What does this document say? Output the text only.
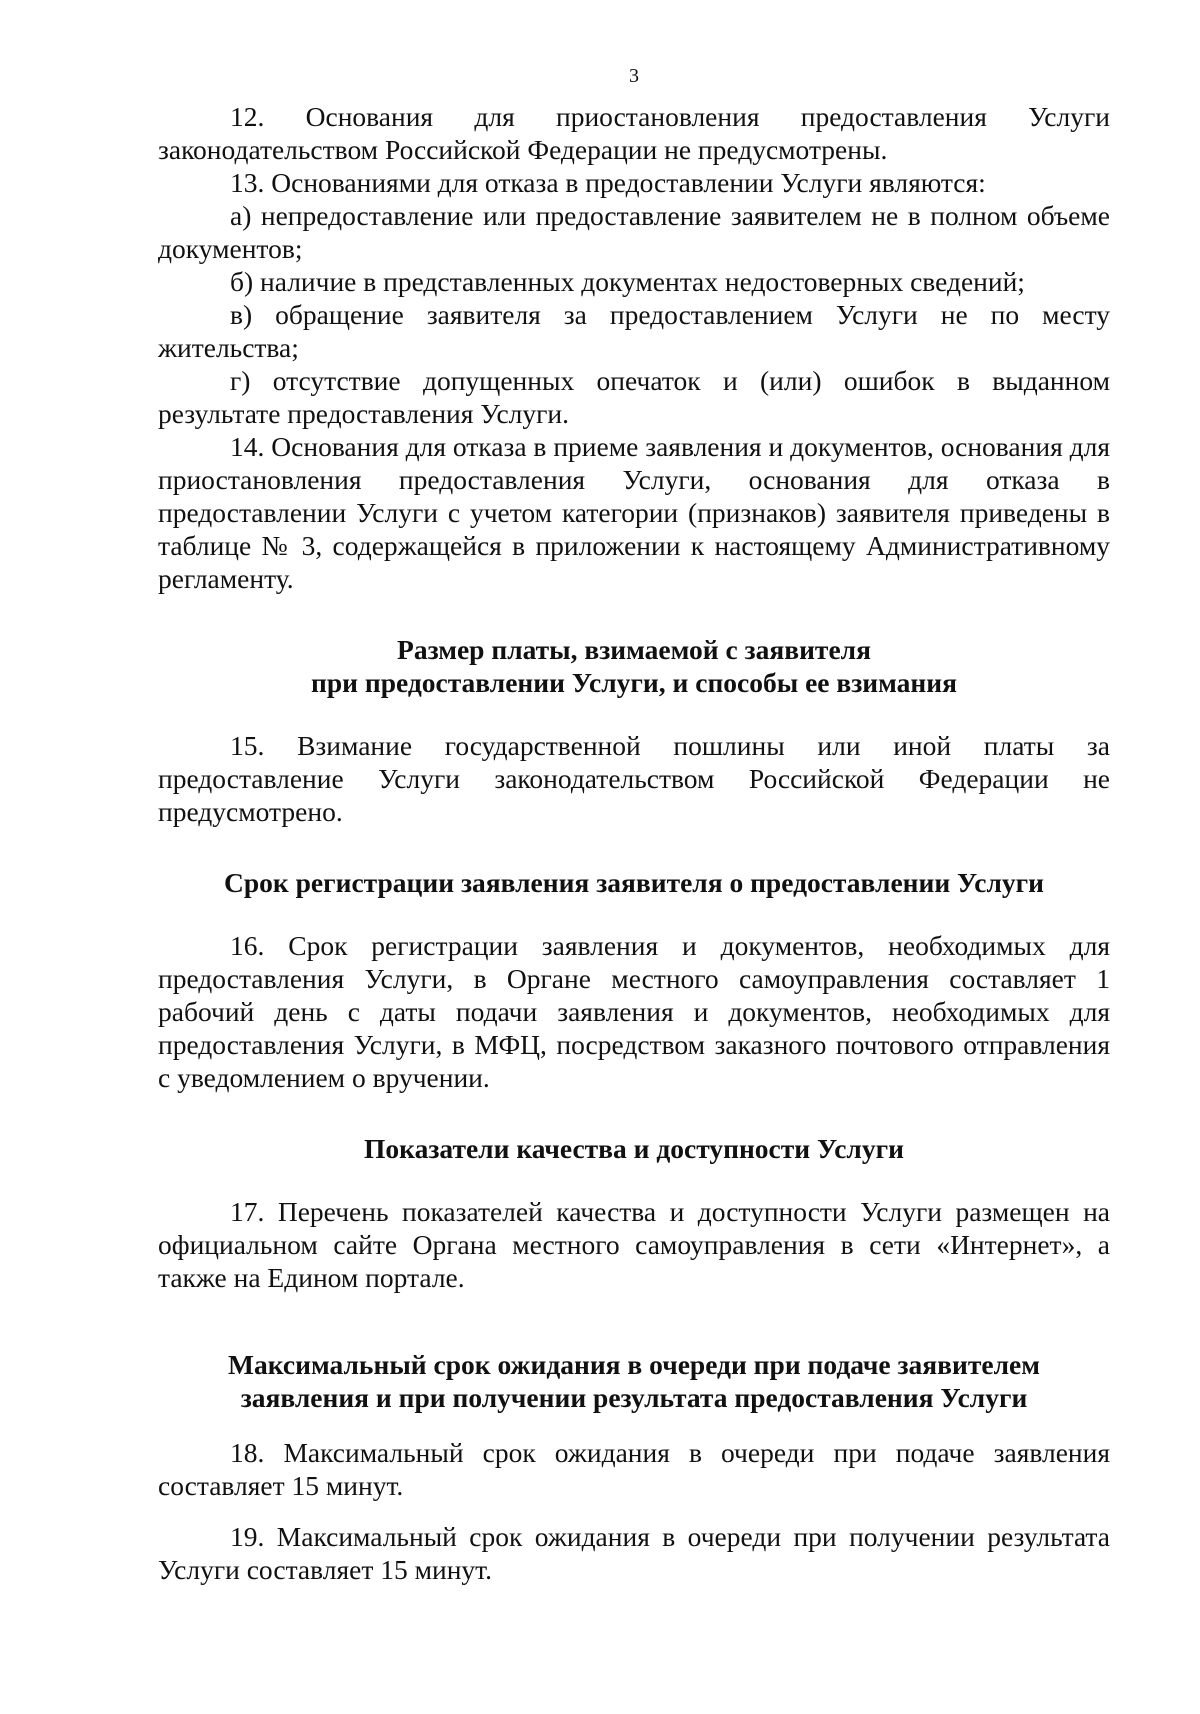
3

12. Основания для приостановления предоставления Услуги законодательством Российской Федерации не предусмотрены.

13. Основаниями для отказа в предоставлении Услуги являются:

а) непредоставление или предоставление заявителем не в полном объеме документов;

б) наличие в представленных документах недостоверных сведений;

в) обращение заявителя за предоставлением Услуги не по месту жительства;

г) отсутствие допущенных опечаток и (или) ошибок в выданном результате предоставления Услуги.

14. Основания для отказа в приеме заявления и документов, основания для приостановления предоставления Услуги, основания для отказа в предоставлении Услуги с учетом категории (признаков) заявителя приведены в таблице № 3, содержащейся в приложении к настоящему Административному регламенту.

Размер платы, взимаемой с заявителя
при предоставлении Услуги, и способы ее взимания

15. Взимание государственной пошлины или иной платы за предоставление Услуги законодательством Российской Федерации не предусмотрено.

Срок регистрации заявления заявителя о предоставлении Услуги

16. Срок регистрации заявления и документов, необходимых для предоставления Услуги, в Органе местного самоуправления составляет 1 рабочий день с даты подачи заявления и документов, необходимых для предоставления Услуги, в МФЦ, посредством заказного почтового отправления с уведомлением о вручении.

Показатели качества и доступности Услуги

17. Перечень показателей качества и доступности Услуги размещен на официальном сайте Органа местного самоуправления в сети «Интернет», а также на Едином портале.

Максимальный срок ожидания в очереди при подаче заявителем
заявления и при получении результата предоставления Услуги

18. Максимальный срок ожидания в очереди при подаче заявления составляет 15 минут.

19. Максимальный срок ожидания в очереди при получении результата Услуги составляет 15 минут.
